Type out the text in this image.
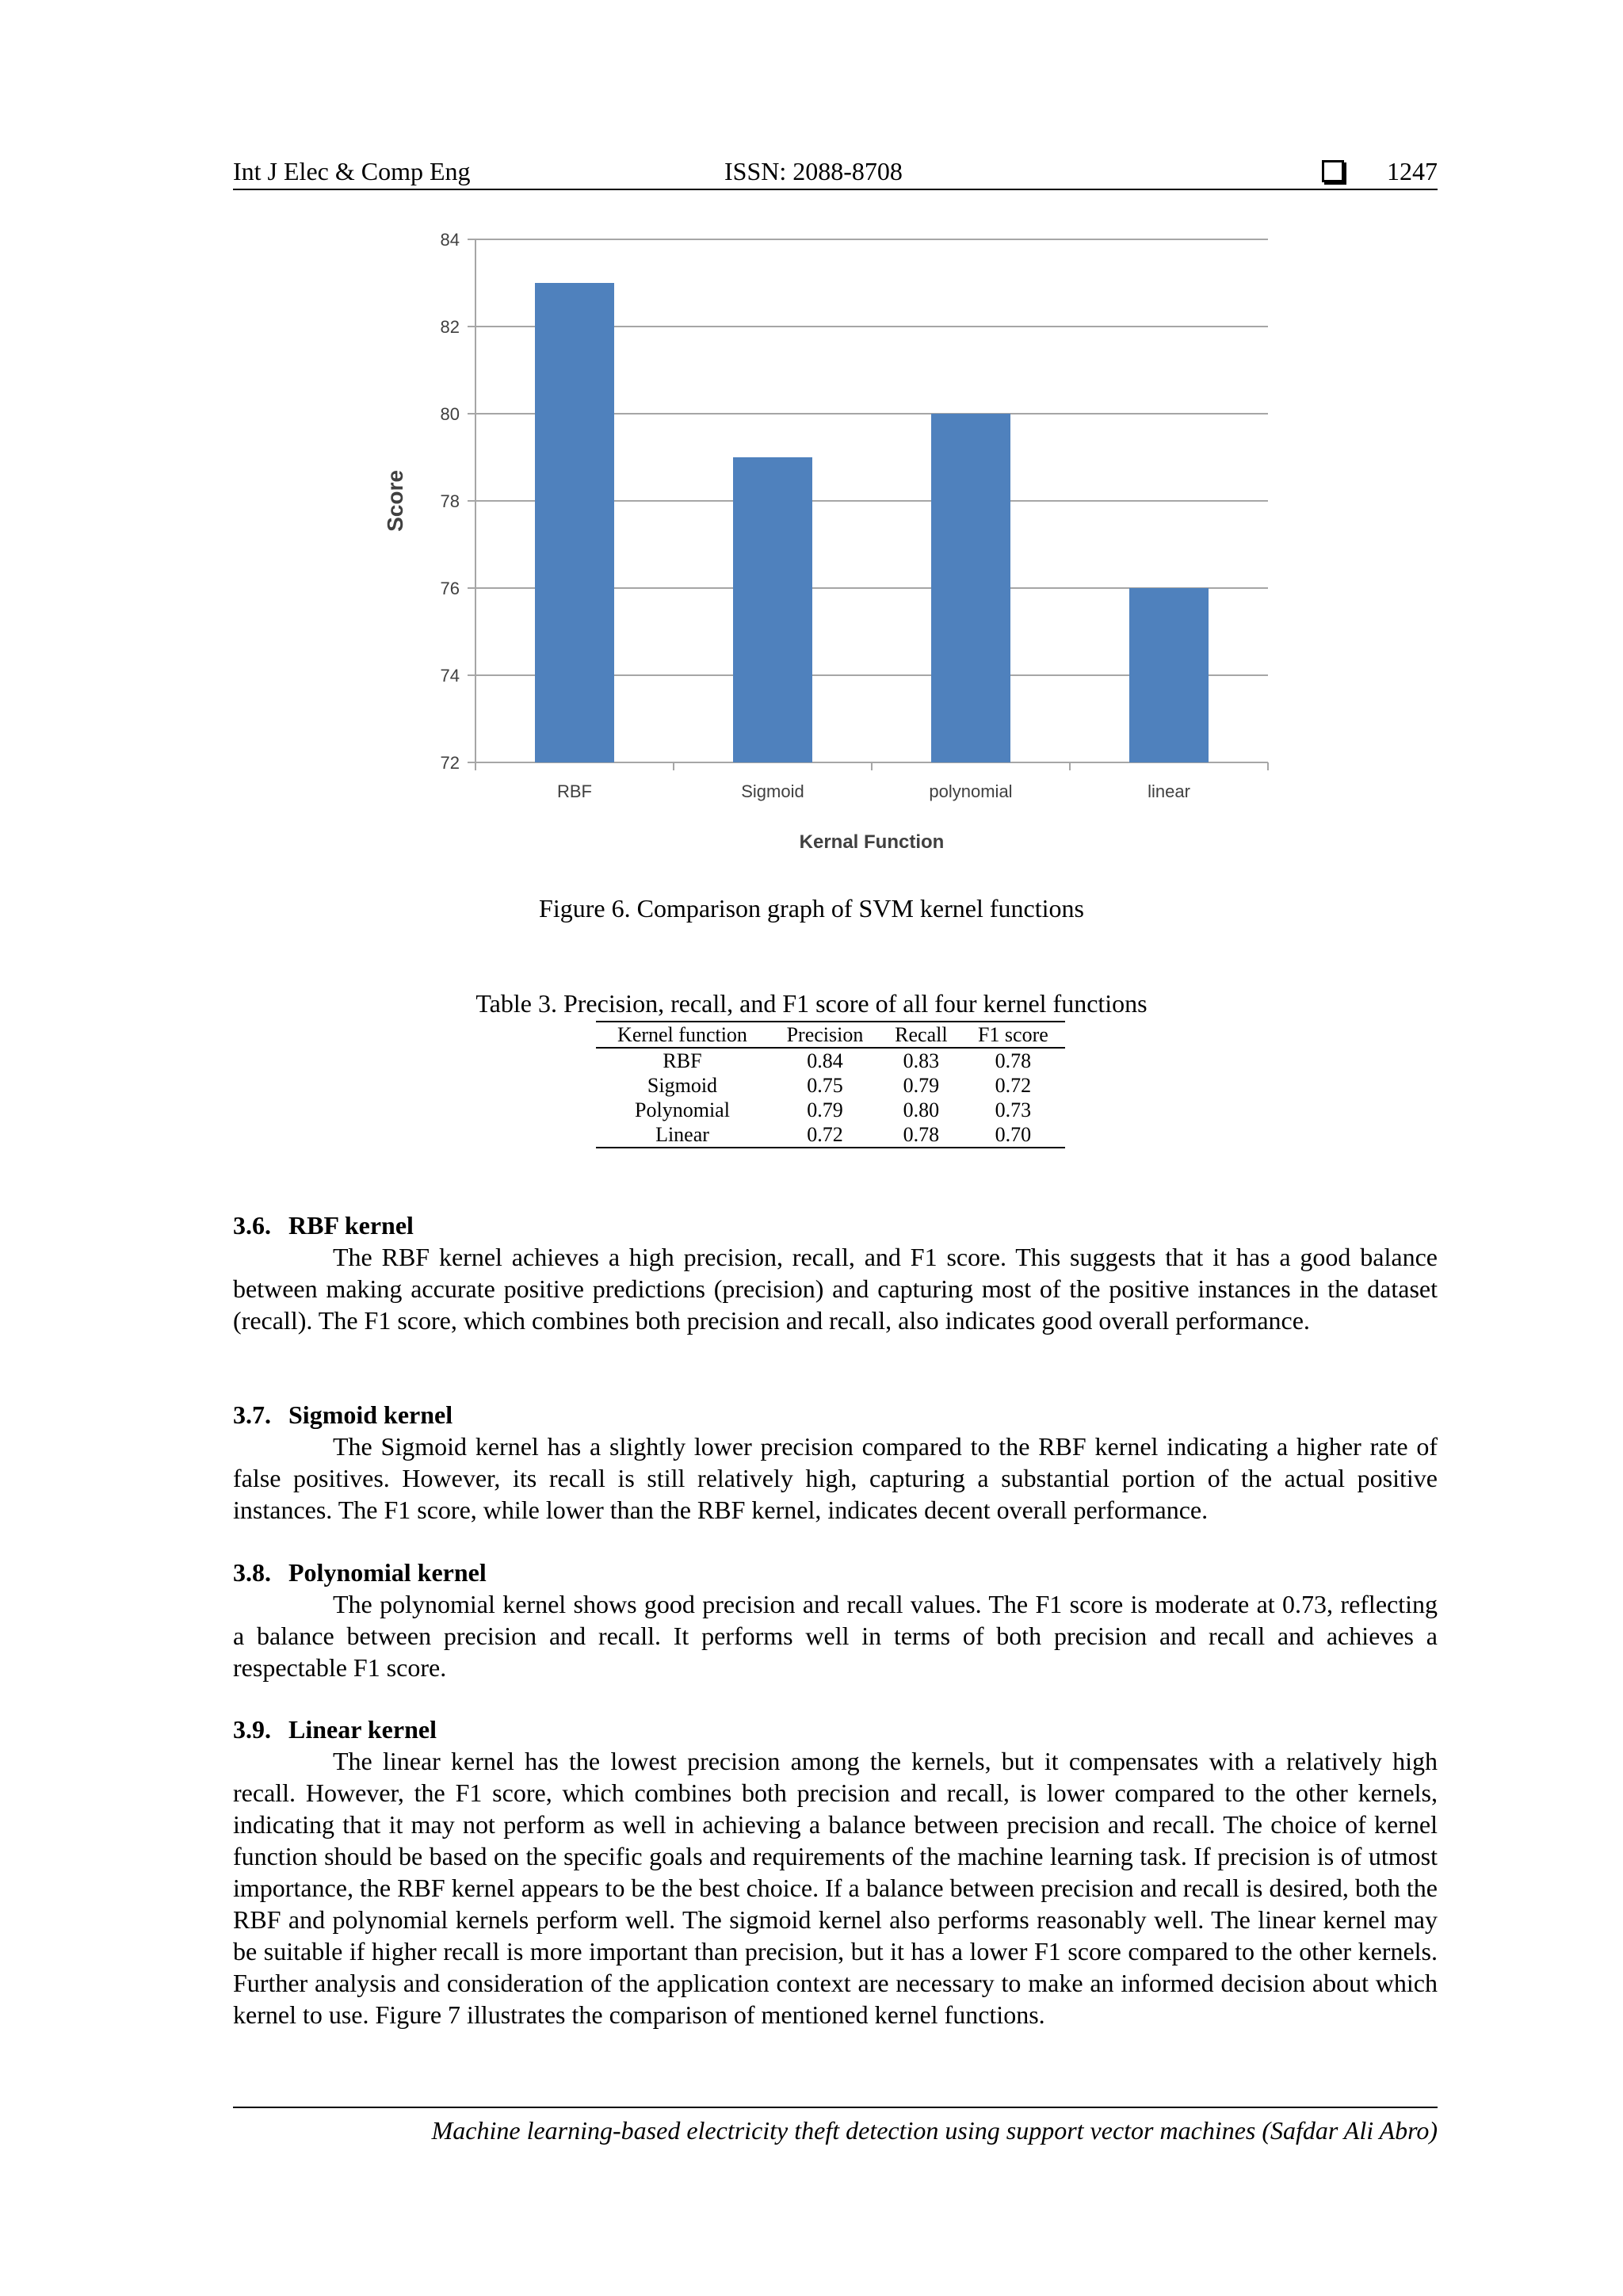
Int J Elec & Comp Eng	ISSN: 2088-8708	1247
72
74
76
78
80
82
84
RBF	Sigmoid	polynomial	linear
Score
Kernal Function
Figure 6. Comparison graph of SVM kernel functions
Table 3. Precision, recall, and F1 score of all four kernel functions
Kernel function	Precision	Recall	F1 score
RBF	0.84	0.83	0.78
Sigmoid	0.75	0.79	0.72
Polynomial	0.79	0.80	0.73
Linear	0.72	0.78	0.70

3.6. RBF kernel

The RBF kernel achieves a high precision, recall, and F1 score. This suggests that it has a good balance between making accurate positive predictions (precision) and capturing most of the positive instances in the dataset (recall). The F1 score, which combines both precision and recall, also indicates good overall performance.

3.7. Sigmoid kernel

The Sigmoid kernel has a slightly lower precision compared to the RBF kernel indicating a higher rate of false positives. However, its recall is still relatively high, capturing a substantial portion of the actual positive instances. The F1 score, while lower than the RBF kernel, indicates decent overall performance.

3.8. Polynomial kernel

The polynomial kernel shows good precision and recall values. The F1 score is moderate at 0.73, reflecting a balance between precision and recall. It performs well in terms of both precision and recall and achieves a respectable F1 score.

3.9. Linear kernel

The linear kernel has the lowest precision among the kernels, but it compensates with a relatively high recall. However, the F1 score, which combines both precision and recall, is lower compared to the other kernels, indicating that it may not perform as well in achieving a balance between precision and recall. The choice of kernel function should be based on the specific goals and requirements of the machine learning task. If precision is of utmost importance, the RBF kernel appears to be the best choice. If a balance between precision and recall is desired, both the RBF and polynomial kernels perform well. The sigmoid kernel also performs reasonably well. The linear kernel may be suitable if higher recall is more important than precision, but it has a lower F1 score compared to the other kernels. Further analysis and consideration of the application context are necessary to make an informed decision about which kernel to use. Figure 7 illustrates the comparison of mentioned kernel functions.

Machine learning-based electricity theft detection using support vector machines (Safdar Ali Abro)
